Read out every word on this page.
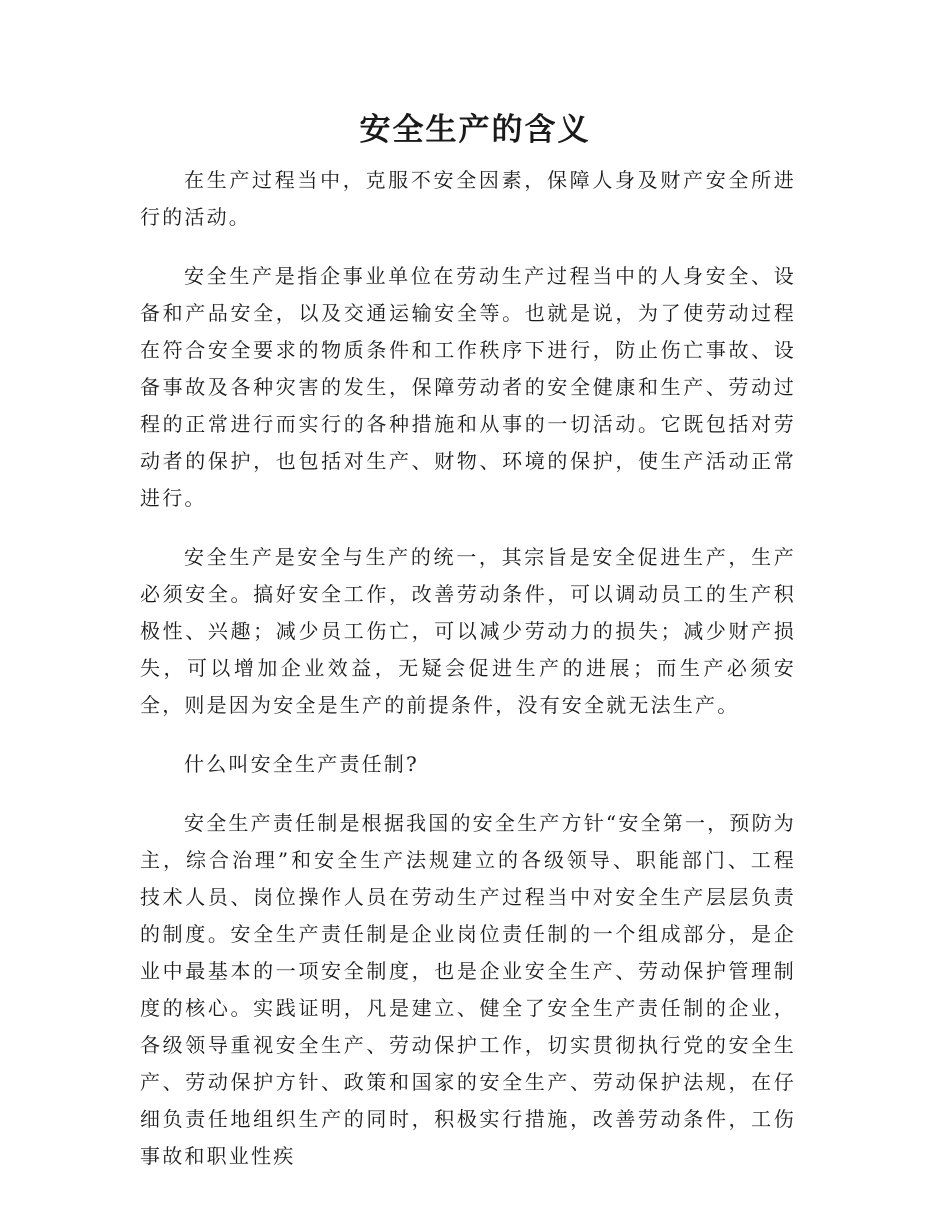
安全生产的含义

在生产过程当中，克服不安全因素，保障人身及财产安全所进行的活动。

安全生产是指企事业单位在劳动生产过程当中的人身安全、设备和产品安全，以及交通运输安全等。也就是说，为了使劳动过程在符合安全要求的物质条件和工作秩序下进行，防止伤亡事故、设备事故及各种灾害的发生，保障劳动者的安全健康和生产、劳动过程的正常进行而实行的各种措施和从事的一切活动。它既包括对劳动者的保护，也包括对生产、财物、环境的保护，使生产活动正常进行。

安全生产是安全与生产的统一，其宗旨是安全促进生产，生产必须安全。搞好安全工作，改善劳动条件，可以调动员工的生产积极性、兴趣；减少员工伤亡，可以减少劳动力的损失；减少财产损失，可以增加企业效益，无疑会促进生产的进展；而生产必须安全，则是因为安全是生产的前提条件，没有安全就无法生产。

什么叫安全生产责任制?

安全生产责任制是根据我国的安全生产方针“安全第一，预防为主，综合治理”和安全生产法规建立的各级领导、职能部门、工程技术人员、岗位操作人员在劳动生产过程当中对安全生产层层负责的制度。安全生产责任制是企业岗位责任制的一个组成部分，是企业中最基本的一项安全制度，也是企业安全生产、劳动保护管理制度的核心。实践证明，凡是建立、健全了安全生产责任制的企业，各级领导重视安全生产、劳动保护工作，切实贯彻执行党的安全生产、劳动保护方针、政策和国家的安全生产、劳动保护法规，在仔细负责任地组织生产的同时，积极实行措施，改善劳动条件，工伤事故和职业性疾
